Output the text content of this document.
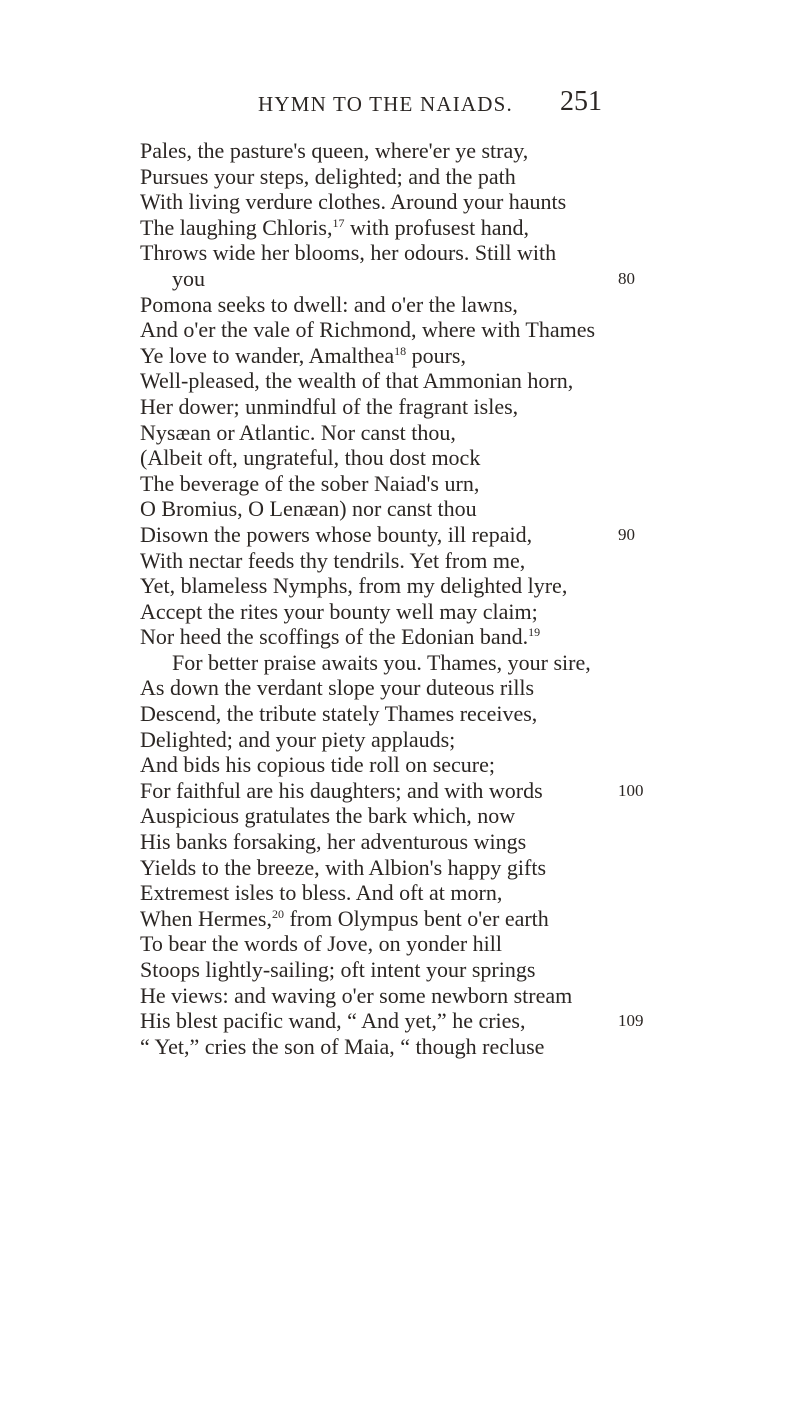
HYMN TO THE NAIADS. 251
Pales, the pasture's queen, where'er ye stray,
Pursues your steps, delighted; and the path
With living verdure clothes. Around your haunts
The laughing Chloris,$^{17}$ with profusest hand,
Throws wide her blooms, her odours. Still with
you	80
Pomona seeks to dwell: and o'er the lawns,
And o'er the vale of Richmond, where with Thames
Ye love to wander, Amalthea$^{18}$ pours,
Well-pleased, the wealth of that Ammonian horn,
Her dower; unmindful of the fragrant isles,
Nysæan or Atlantic. Nor canst thou,
(Albeit oft, ungrateful, thou dost mock
The beverage of the sober Naiad's urn,
O Bromius, O Lenæan) nor canst thou
Disown the powers whose bounty, ill repaid,	90
With nectar feeds thy tendrils. Yet from me,
Yet, blameless Nymphs, from my delighted lyre,
Accept the rites your bounty well may claim;
Nor heed the scoffings of the Edonian band.$^{19}$
For better praise awaits you. Thames, your sire,
As down the verdant slope your duteous rills
Descend, the tribute stately Thames receives,
Delighted; and your piety applauds;
And bids his copious tide roll on secure;
For faithful are his daughters; and with words	100
Auspicious gratulates the bark which, now
His banks forsaking, her adventurous wings
Yields to the breeze, with Albion's happy gifts
Extremest isles to bless. And oft at morn,
When Hermes,$^{20}$ from Olympus bent o'er earth
To bear the words of Jove, on yonder hill
Stoops lightly-sailing; oft intent your springs
He views: and waving o'er some newborn stream
His blest pacific wand, “ And yet,” he cries,	109
“ Yet,” cries the son of Maia, “ though recluse
